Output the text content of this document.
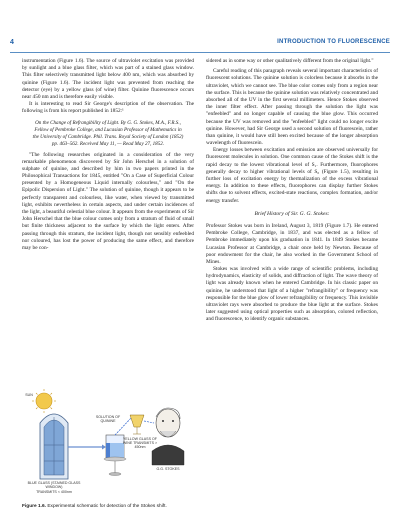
4	INTRODUCTION TO FLUORESCENCE

instrumentation (Figure 1.6). The source of ultraviolet excitation was provided by sunlight and a blue glass filter, which was part of a stained glass window. This filter selectively transmitted light below 400 nm, which was absorbed by quinine (Figure 1.6). The incident light was prevented from reaching the detector (eye) by a yellow glass (of wine) filter. Quinine fluorescence occurs near 450 nm and is therefore easily visible.

It is interesting to read Sir George's description of the observation. The following is from his report published in 1852:¹

On the Change of Refrangibility of Light. By G. G. Stokes, M.A., F.R.S., Fellow of Pembroke College, and Lucasian Professor of Mathematics in the University of Cambridge. Phil. Trans. Royal Society of London (1852) pp. 463–562. Received May 11, — Read May 27, 1852.

"The following researches originated in a consideration of the very remarkable phenomenon discovered by Sir John Herschel in a solution of sulphate of quinine, and described by him in two papers printed in the Philosophical Transactions for 1845, entitled "On a Case of Superficial Colour presented by a Homogeneous Liquid internally colourless," and "On the Epipolic Dispersion of Light." The solution of quinine, though it appears to be perfectly transparent and colourless, like water, when viewed by transmitted light, exhibits nevertheless in certain aspects, and under certain incidences of the light, a beautiful celestial blue colour. It appears from the experiments of Sir John Herschel that the blue colour comes only from a stratum of fluid of small but finite thickness adjacent to the surface by which the light enters. After passing through this stratum, the incident light, though not sensibly enfeebled nor coloured, has lost the power of producing the same effect, and therefore may be con-

SUN
SOLUTION OF QUININE
BLUE GLASS (STAINED GLASS WINDOW)
TRANSMITS < 400nm
YELLOW GLASS OF WINE TRANSMITS > 450nm
G.G. STOKES
Figure 1.6. Experimental schematic for detection of the Stokes shift.

sidered as in some way or other qualitatively different from the original light."

Careful reading of this paragraph reveals several important characteristics of fluorescent solutions. The quinine solution is colorless because it absorbs in the ultraviolet, which we cannot see. The blue color comes only from a region near the surface. This is because the quinine solution was relatively concentrated and absorbed all of the UV in the first several millimeters. Hence Stokes observed the inner filter effect. After passing through the solution the light was "enfeebled" and no longer capable of causing the blue glow. This occurred because the UV was removed and the "enfeebled" light could no longer excite quinine. However, had Sir George used a second solution of fluorescein, rather than quinine, it would have still been excited because of the longer absorption wavelength of fluorescein.

Energy losses between excitation and emission are observed universally for fluorescent molecules in solution. One common cause of the Stokes shift is the rapid decay to the lowest vibrational level of S₁. Furthermore, fluorophores generally decay to higher vibrational levels of S₀ (Figure 1.5), resulting in further loss of excitation energy by thermalization of the excess vibrational energy. In addition to these effects, fluorophores can display further Stokes shifts due to solvent effects, excited-state reactions, complex formation, and/or energy transfer.

Brief History of Sir. G. G. Stokes:

Professor Stokes was born in Ireland, August 3, 1819 (Figure 1.7). He entered Pembroke College, Cambridge, in 1837, and was elected as a fellow of Pembroke immediately upon his graduation in 1841. In 1849 Stokes became Lucasian Professor at Cambridge, a chair once held by Newton. Because of poor endowment for the chair, he also worked in the Government School of Mines.

Stokes was involved with a wide range of scientific problems, including hydrodynamics, elasticity of solids, and diffraction of light. The wave theory of light was already known when he entered Cambridge. In his classic paper on quinine, he understood that light of a higher "refrangibility" or frequency was responsible for the blue glow of lower refrangibility or frequency. This invisible ultraviolet rays were absorbed to produce the blue light at the surface. Stokes later suggested using optical properties such as absorption, colored reflection, and fluorescence, to identify organic substances.
